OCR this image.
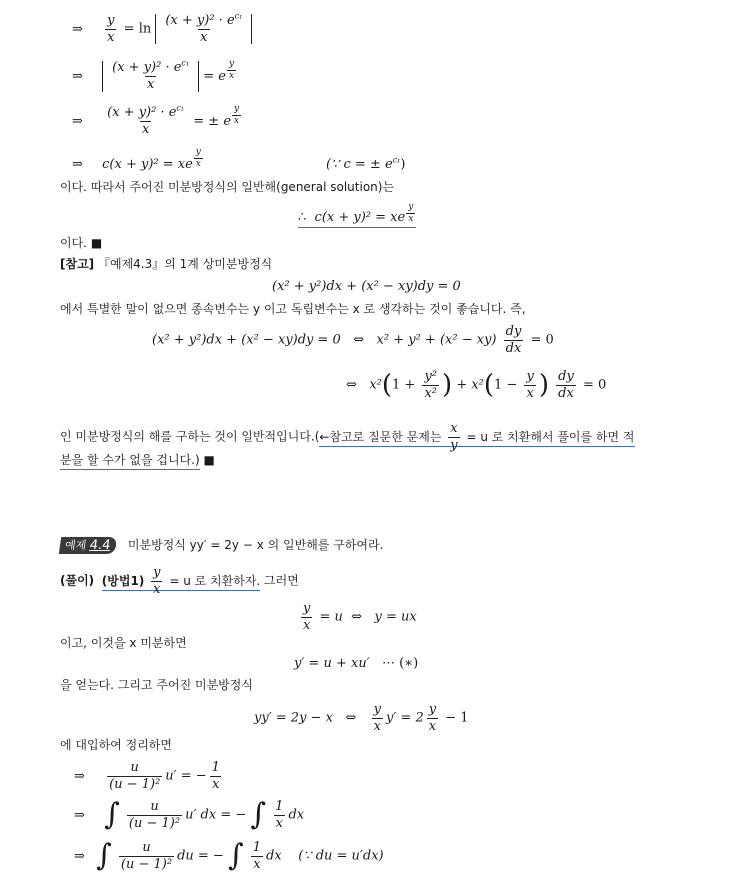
⇒ $\frac{y}{x} = \ln \frac{(x + y)^2 \cdot e^{c_1}}{x}$
⇒ $\frac{(x + y)^2 \cdot e^{c_1}}{x} = e \frac{y}{x}$
⇒ $\frac{(x + y)^2 \cdot e^{c_1}}{x}$ = ± e $\frac{y}{x}$
⇒ c(x + y)² = xe $\frac{y}{x}$	(∵ c = ± $e^{c_1}$)
이다. 따라서 주어진 미분방정식의 일반해(general solution)는
∴ c(x + y)² = xe $\frac{y}{x}$
이다. ■
[참고] 『예제4.3』의 1계 상미분방정식
(x² + y²)dx + (x² − xy)dy = 0
에서 특별한 말이 없으면 종속변수는 y 이고 독립변수는 x 로 생각하는 것이 좋습니다. 즉,
(x² + y²)dx + (x² − xy)dy = 0 ⇔ $x^2 + y^2 + (x^2 - xy) \frac{dy}{dx} = 0$
⇔ $x^2(1 + \frac{\text{y²}}{\text{x²}}$ ) + $x^2(1 - \frac{y}{x}$ ) $\frac{dy}{dx} = 0$
인 미분방정식의 해를 구하는 것이 일반적입니다.(←참고로 질문한 문제는 $\frac{x}{y} = u$ 로 치환해서 풀이를 하면 적
분을 할 수가 없을 겁니다.) ■
예제 4.4 미분방정식 yy′ = 2y − x 의 일반해를 구하여라.
(풀이) (방법$1) \frac{y}{x} = u$ 로 치환하자. 그러면
$\frac{y}{x} = u$ ⇔ y = ux
이고, 이것을 x 미분하면
y′ = u + xu′ ⋯ (∗)
을 얻는다. 그리고 주어진 미분방정식
yy′ = 2y − x ⇔ $\frac{y}{x} y' = 2 \frac{y}{x} - 1$
에 대입하여 정리하면
⇒ $\frac{u}{\text{(u − 1)²}} u'$ = − $\frac{1}{x}$
⇒ ∫ $\frac{u}{\text{(u − 1)²}} u'$ dx = − ∫ $\frac{1}{x}$ dx
⇒ ∫ $\frac{u}{\text{(u − 1)²}}$ du = − ∫ $\frac{1}{x}$ dx (∵ du = u′dx)
